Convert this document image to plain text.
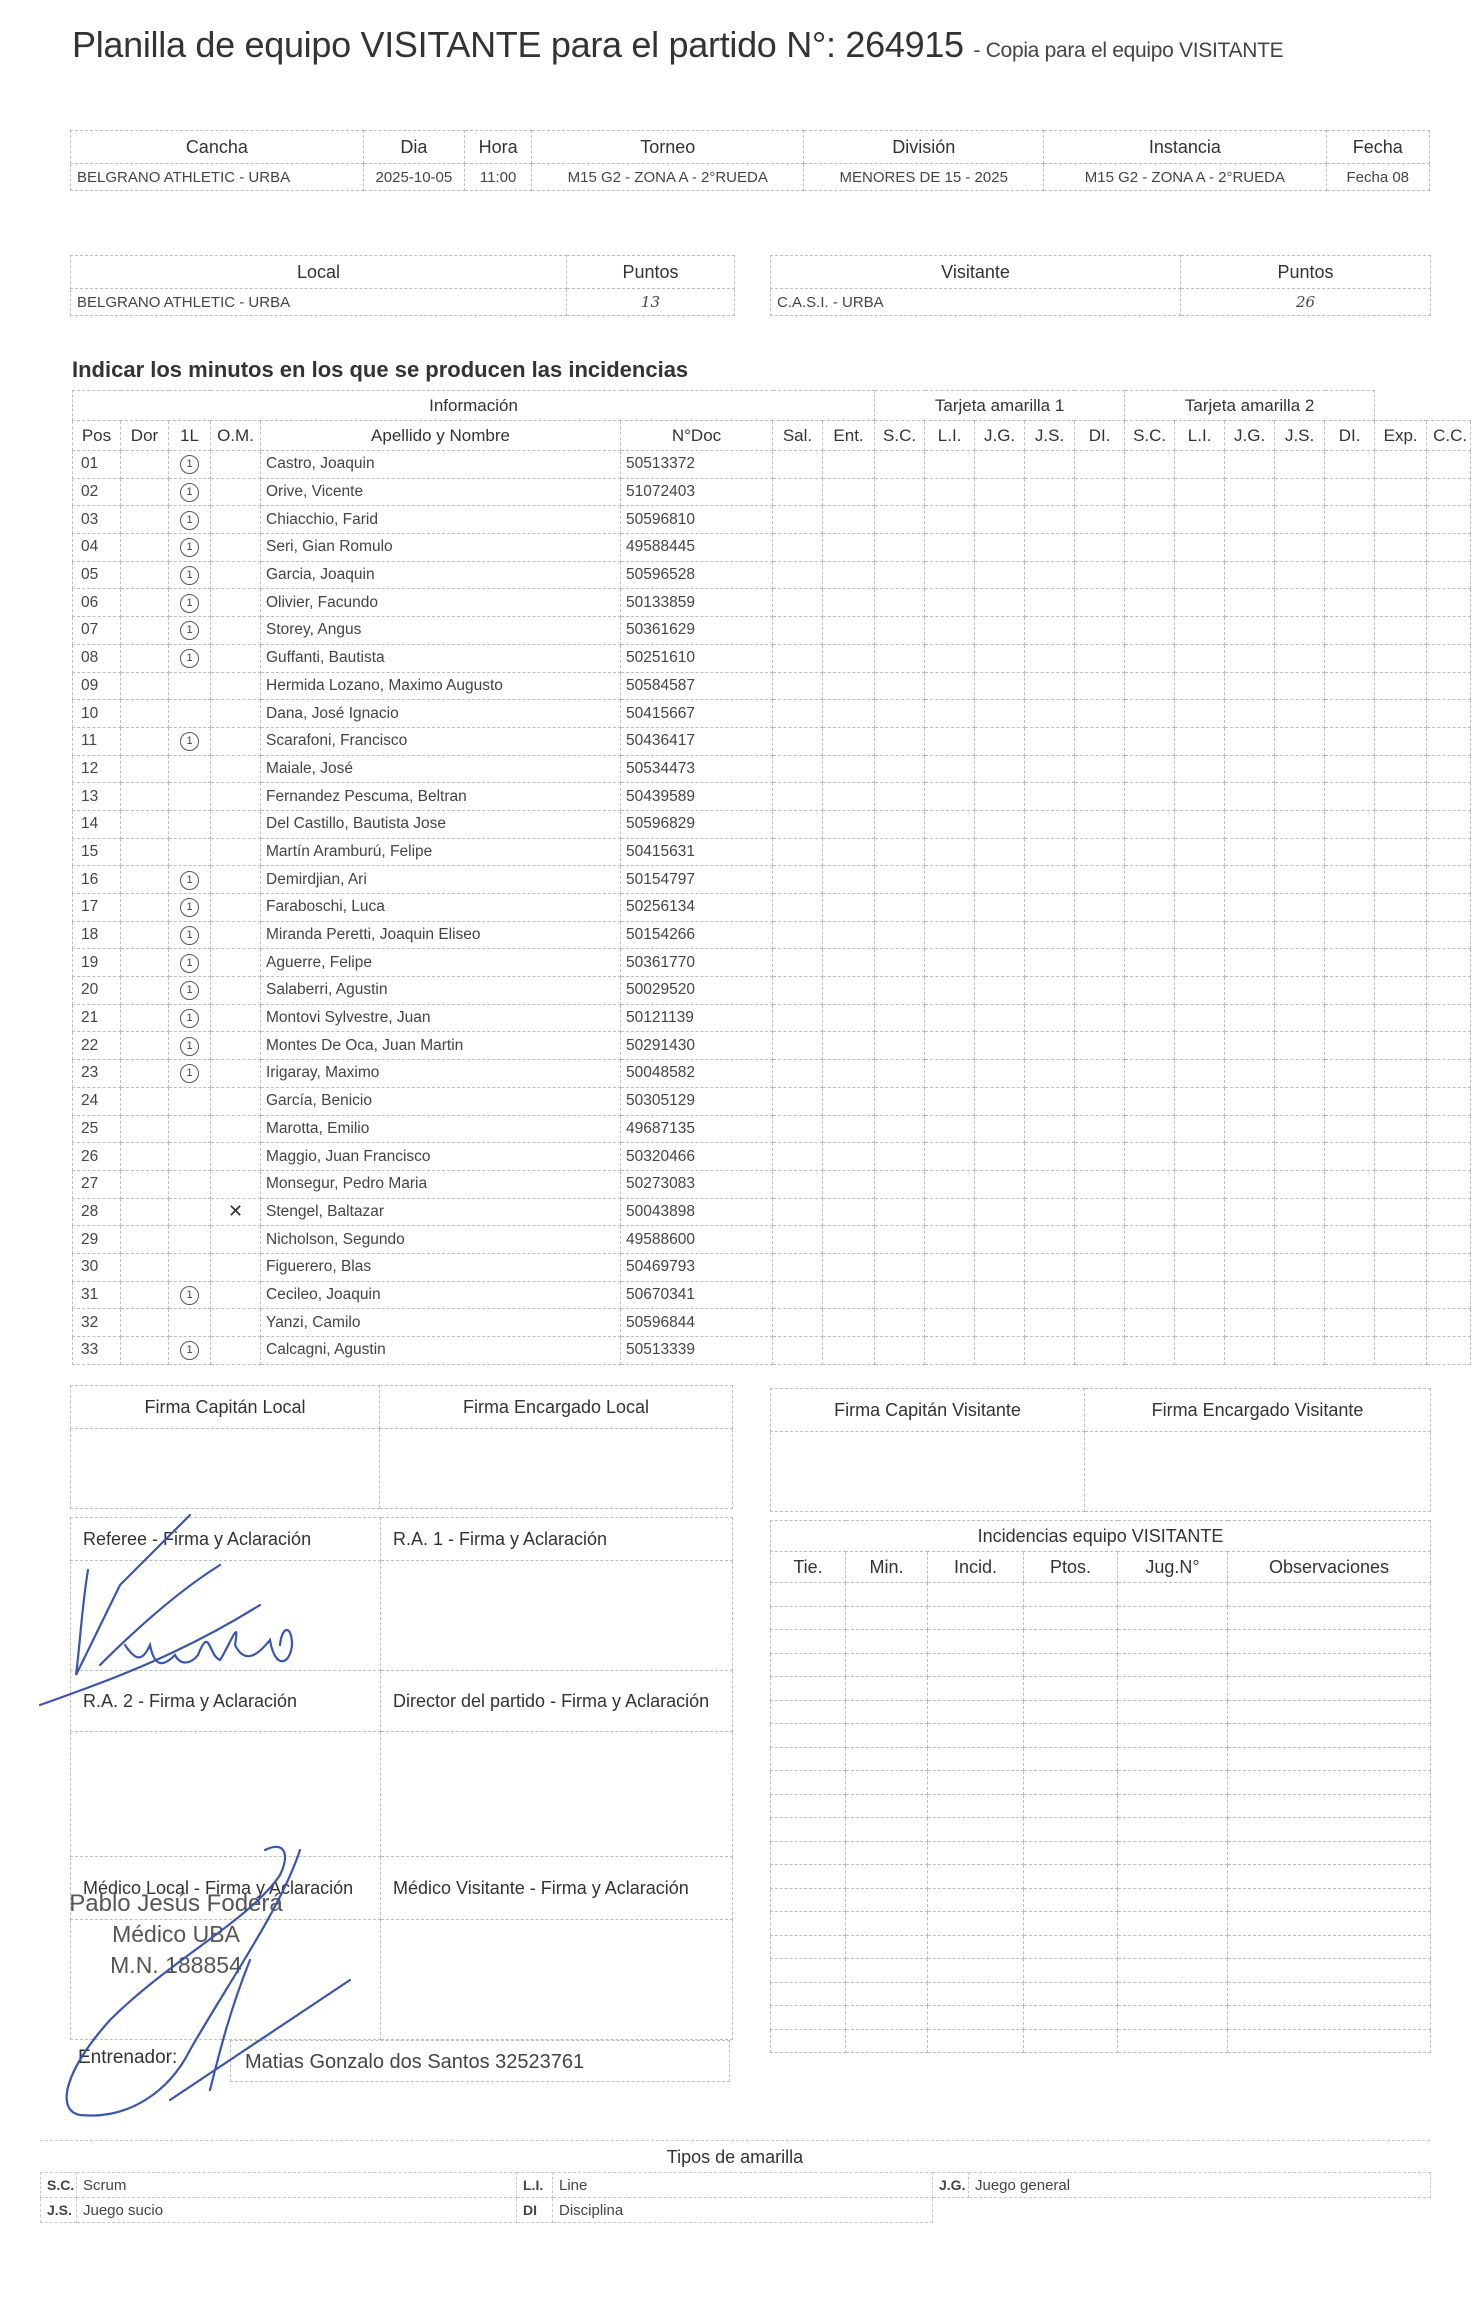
Planilla de equipo VISITANTE para el partido N°: 264915 - Copia para el equipo VISITANTE
Cancha	Dia	Hora	Torneo	División	Instancia	Fecha
BELGRANO ATHLETIC - URBA	2025-10-05	11:00	M15 G2 - ZONA A - 2°RUEDA	MENORES DE 15 - 2025	M15 G2 - ZONA A - 2°RUEDA	Fecha 08
Local	Puntos
BELGRANO ATHLETIC - URBA	13
Visitante	Puntos
C.A.S.I. - URBA	26
Indicar los minutos en los que se producen las incidencias
Información								Tarjeta amarilla 1					Tarjeta amarilla 2						
Pos	Dor	1L	O.M.	Apellido y Nombre	N°Doc	Sal.	Ent.	S.C.	L.I.	J.G.	J.S.	DI.	S.C.	L.I.	J.G.	J.S.	DI.	Exp.	C.C.
01		1		Castro, Joaquin	50513372														
02		1		Orive, Vicente	51072403														
03		1		Chiacchio, Farid	50596810														
04		1		Seri, Gian Romulo	49588445														
05		1		Garcia, Joaquin	50596528														
06		1		Olivier, Facundo	50133859														
07		1		Storey, Angus	50361629														
08		1		Guffanti, Bautista	50251610														
09				Hermida Lozano, Maximo Augusto	50584587														
10				Dana, José Ignacio	50415667														
11		1		Scarafoni, Francisco	50436417														
12				Maiale, José	50534473														
13				Fernandez Pescuma, Beltran	50439589														
14				Del Castillo, Bautista Jose	50596829														
15				Martín Aramburú, Felipe	50415631														
16		1		Demirdjian, Ari	50154797														
17		1		Faraboschi, Luca	50256134														
18		1		Miranda Peretti, Joaquin Eliseo	50154266														
19		1		Aguerre, Felipe	50361770														
20		1		Salaberri, Agustin	50029520														
21		1		Montovi Sylvestre, Juan	50121139														
22		1		Montes De Oca, Juan Martin	50291430														
23		1		Irigaray, Maximo	50048582														
24				García, Benicio	50305129														
25				Marotta, Emilio	49687135														
26				Maggio, Juan Francisco	50320466														
27				Monsegur, Pedro Maria	50273083														
28			✕	Stengel, Baltazar	50043898														
29				Nicholson, Segundo	49588600														
30				Figuerero, Blas	50469793														
31		1		Cecileo, Joaquin	50670341														
32				Yanzi, Camilo	50596844														
33		1		Calcagni, Agustin	50513339														
Firma Capitán Local	Firma Encargado Local
		Firma Capitán Visitante	Firma Encargado Visitante

Referee - Firma y Aclaración	R.A. 1 - Firma y Aclaración

R.A. 2 - Firma y Aclaración	Director del partido - Firma y Aclaración

Médico Local - Firma y Aclaración	Médico Visitante - Firma y Aclaración

Pablo Jesús Foderá
Médico UBA
M.N. 188854
Incidencias equipo VISITANTE					
Tie.	Min.	Incid.	Ptos.	Jug.N°	Observaciones

Entrenador:	Matias Gonzalo dos Santos 32523761
Tipos de amarilla
S.C.	Scrum	L.I.	Line	J.G.	Juego general
J.S.	Juego sucio	DI	Disciplina		
